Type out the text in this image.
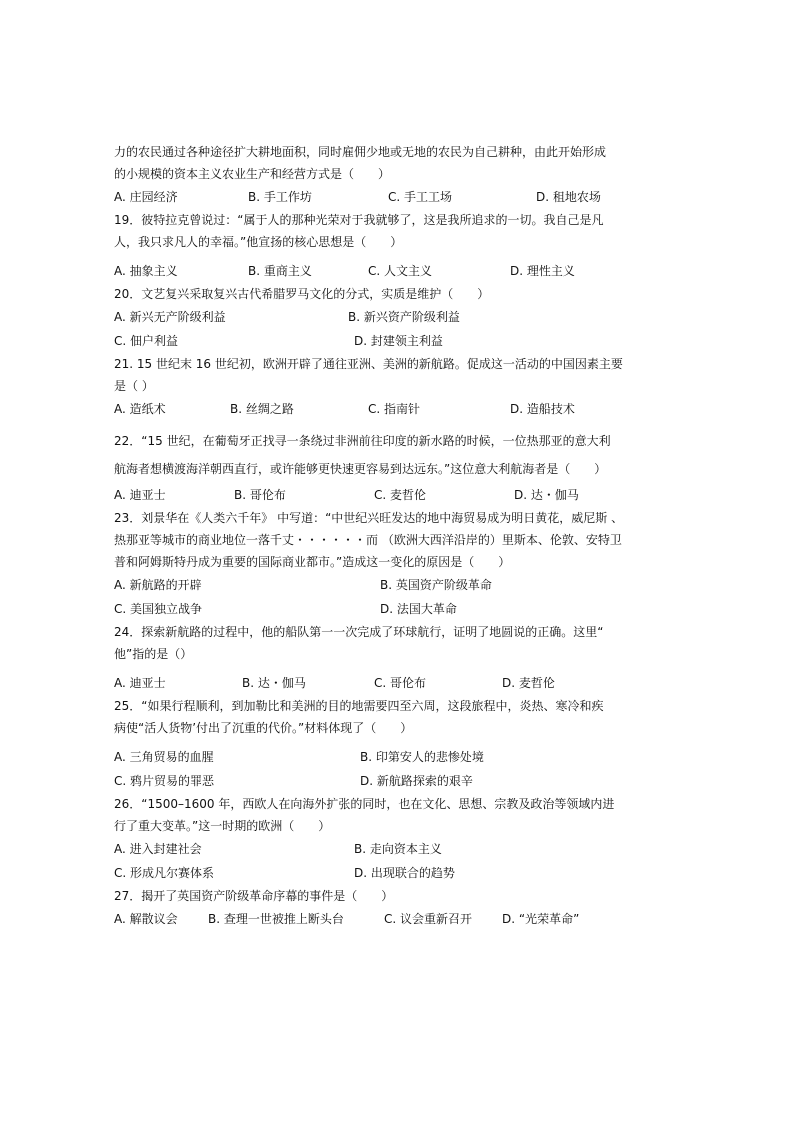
力的农民通过各种途径扩大耕地面积，同时雇佣少地或无地的农民为自己耕种，由此开始形成
的小规模的资本主义农业生产和经营方式是（　　）
A. 庄园经济	B. 手工作坊	C. 手工工场	D. 租地农场
19．彼特拉克曾说过：“属于人的那种光荣对于我就够了，这是我所追求的一切。我自己是凡
人，我只求凡人的幸福。”他宣扬的核心思想是（　　）
A. 抽象主义	B. 重商主义	C. 人文主义	D. 理性主义
20．文艺复兴采取复兴古代希腊罗马文化的分式，实质是维护（　　）
A. 新兴无产阶级利益	B. 新兴资产阶级利益
C. 佃户利益	D. 封建领主利益
21. 15 世纪末 16 世纪初，欧洲开辟了通往亚洲、美洲的新航路。促成这一活动的中国因素主要
是（ ）
A. 造纸术	B. 丝绸之路	C. 指南针	D. 造船技术
22．“15 世纪，在葡萄牙正找寻一条绕过非洲前往印度的新水路的时候，一位热那亚的意大利
航海者想横渡海洋朝西直行，或许能够更快速更容易到达远东。”这位意大利航海者是（　　）
A. 迪亚士	B. 哥伦布	C. 麦哲伦	D. 达・伽马
23．刘景华在《人类六千年》 中写道：“中世纪兴旺发达的地中海贸易成为明日黄花，威尼斯 、
热那亚等城市的商业地位一落千丈・・・・・・而 （欧洲大西洋沿岸的）里斯本、伦敦、安特卫
普和阿姆斯特丹成为重要的国际商业都市。”造成这一变化的原因是（　　）
A. 新航路的开辟	B. 英国资产阶级革命
C. 美国独立战争	D. 法国大革命
24．探索新航路的过程中，他的船队第一一次完成了环球航行，证明了地圆说的正确。这里“
他”指的是（）
A. 迪亚士	B. 达・伽马	C. 哥伦布	D. 麦哲伦
25．“如果行程顺利，到加勒比和美洲的目的地需要四至六周，这段旅程中，炎热、寒冷和疾
病使“活人货物’付出了沉重的代价。”材料体现了（　　）
A. 三角贸易的血腥	B. 印第安人的悲惨处境
C. 鸦片贸易的罪恶	D. 新航路探索的艰辛
26．“1500–1600 年，西欧人在向海外扩张的同时，也在文化、思想、宗教及政治等领域内进
行了重大变革。”这一时期的欧洲（　　）
A. 进入封建社会	B. 走向资本主义
C. 形成凡尔赛体系	D. 出现联合的趋势
27．揭开了英国资产阶级革命序幕的事件是（　　）
A. 解散议会	B. 查理一世被推上断头台	C. 议会重新召开 D. “光荣革命”
